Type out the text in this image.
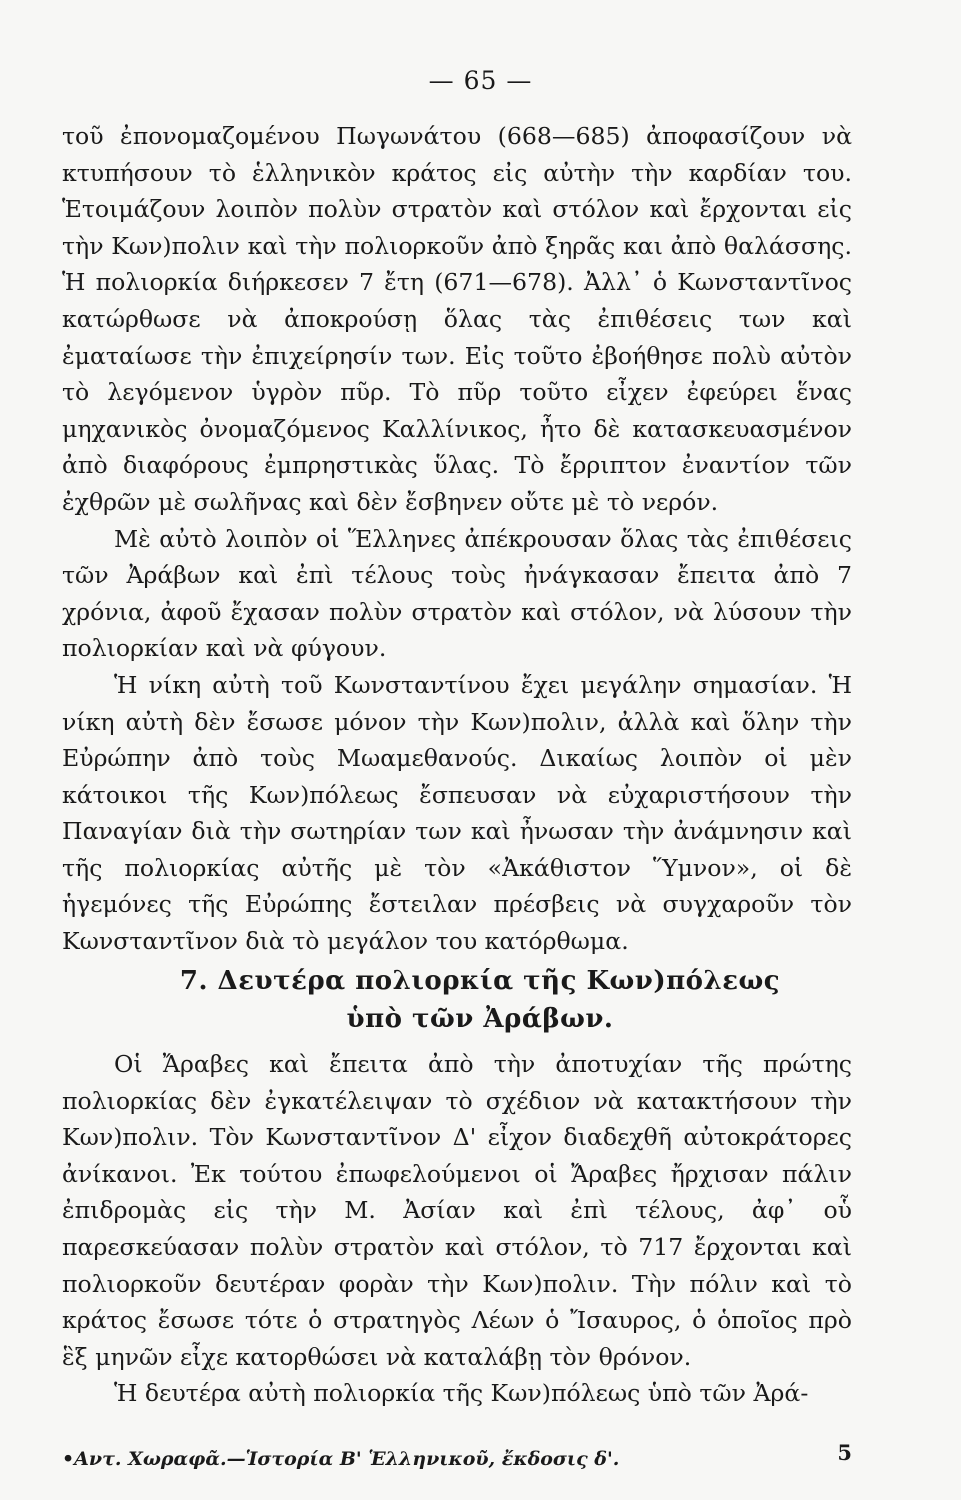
— 65 —

τοῦ ἐπονομαζομένου Πωγωνάτου (668—685) ἀποφασίζουν νὰ κτυπήσουν τὸ ἑλληνικὸν κράτος εἰς αὐτὴν τὴν καρδίαν του. Ἑτοιμάζουν λοιπὸν πολὺν στρατὸν καὶ στόλον καὶ ἔρχονται εἰς τὴν Κων)πολιν καὶ τὴν πολιορκοῦν ἀπὸ ξηρᾶς και ἀπὸ θαλάσσης. Ἡ πολιορκία διήρκεσεν 7 ἔτη (671—678). Ἀλλ᾿ ὁ Κωνσταντῖνος κατώρθωσε νὰ ἀποκρούσῃ ὅλας τὰς ἐπιθέσεις των καὶ ἐματαίωσε τὴν ἐπιχείρησίν των. Εἰς τοῦτο ἐβοήθησε πολὺ αὐτὸν τὸ λεγόμενον ὑγρὸν πῦρ. Τὸ πῦρ τοῦτο εἶχεν ἐφεύρει ἕνας μηχανικὸς ὀνομαζόμενος Καλλίνικος, ἦτο δὲ κατασκευασμένον ἀπὸ διαφόρους ἐμπρηστικὰς ὕλας. Τὸ ἔρριπτον ἐναντίον τῶν ἐχθρῶν μὲ σωλῆνας καὶ δὲν ἔσβηνεν οὔτε μὲ τὸ νερόν.

Μὲ αὐτὸ λοιπὸν οἱ Ἕλληνες ἀπέκρουσαν ὅλας τὰς ἐπιθέσεις τῶν Ἀράβων καὶ ἐπὶ τέλους τοὺς ἠνάγκασαν ἔπειτα ἀπὸ 7 χρόνια, ἀφοῦ ἔχασαν πολὺν στρατὸν καὶ στόλον, νὰ λύσουν τὴν πολιορκίαν καὶ νὰ φύγουν.

Ἡ νίκη αὐτὴ τοῦ Κωνσταντίνου ἔχει μεγάλην σημασίαν. Ἡ νίκη αὐτὴ δὲν ἔσωσε μόνον τὴν Κων)πολιν, ἀλλὰ καὶ ὅλην τὴν Εὐρώπην ἀπὸ τοὺς Μωαμεθανούς. Δικαίως λοιπὸν οἱ μὲν κάτοικοι τῆς Κων)πόλεως ἔσπευσαν νὰ εὐχαριστήσουν τὴν Παναγίαν διὰ τὴν σωτηρίαν των καὶ ἦνωσαν τὴν ἀνάμνησιν καὶ τῆς πολιορκίας αὐτῆς μὲ τὸν «Ἀκάθιστον Ὕμνον», οἱ δὲ ἡγεμόνες τῆς Εὐρώπης ἔστειλαν πρέσβεις νὰ συγχαροῦν τὸν Κωνσταντῖνον διὰ τὸ μεγάλον του κατόρθωμα.

7. Δευτέρα πολιορκία τῆς Κων)πόλεως
ὑπὸ τῶν Ἀράβων.

Οἱ Ἄραβες καὶ ἔπειτα ἀπὸ τὴν ἀποτυχίαν τῆς πρώτης πολιορκίας δὲν ἐγκατέλειψαν τὸ σχέδιον νὰ κατακτήσουν τὴν Κων)πολιν. Τὸν Κωνσταντῖνον Δ' εἶχον διαδεχθῆ αὐτοκράτορες ἀνίκανοι. Ἐκ τούτου ἐπωφελούμενοι οἱ Ἄραβες ἤρχισαν πάλιν ἐπιδρομὰς εἰς τὴν Μ. Ἀσίαν καὶ ἐπὶ τέλους, ἀφ᾿ οὗ παρεσκεύασαν πολὺν στρατὸν καὶ στόλον, τὸ 717 ἔρχονται καὶ πολιορκοῦν δευτέραν φορὰν τὴν Κων)πολιν. Τὴν πόλιν καὶ τὸ κράτος ἔσωσε τότε ὁ στρατηγὸς Λέων ὁ Ἴσαυρος, ὁ ὁποῖος πρὸ ἓξ μηνῶν εἶχε κατορθώσει νὰ καταλάβῃ τὸν θρόνον.

Ἡ δευτέρα αὐτὴ πολιορκία τῆς Κων)πόλεως ὑπὸ τῶν Ἀρά-

•Αντ. Χωραφᾶ.—Ἱστορία Β' Ἑλληνικοῦ, ἔκδοσις δ'.	5
